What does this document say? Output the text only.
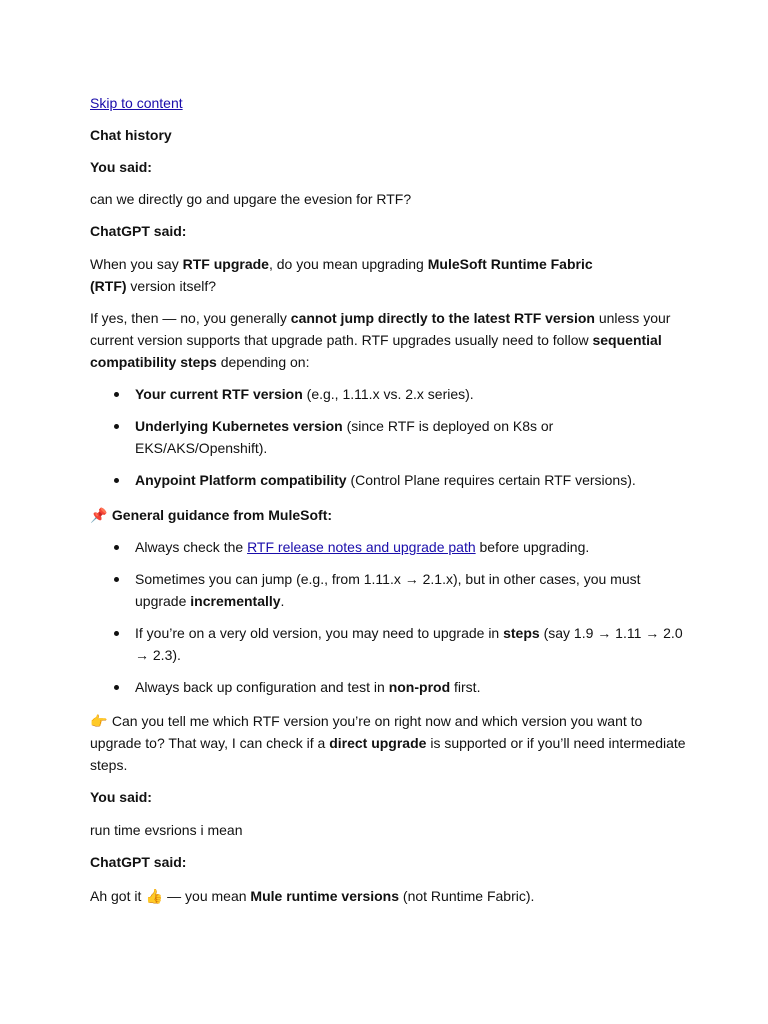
Skip to content

Chat history

You said:

can we directly go and upgare the evesion for RTF?

ChatGPT said:

When you say RTF upgrade, do you mean upgrading MuleSoft Runtime Fabric
(RTF) version itself?

If yes, then — no, you generally cannot jump directly to the latest RTF version unless your current version supports that upgrade path. RTF upgrades usually need to follow sequential compatibility steps depending on:

Your current RTF version (e.g., 1.11.x vs. 2.x series).
Underlying Kubernetes version (since RTF is deployed on K8s or EKS/AKS/Openshift).
Anypoint Platform compatibility (Control Plane requires certain RTF versions).

📌 General guidance from MuleSoft:

Always check the RTF release notes and upgrade path before upgrading.
Sometimes you can jump (e.g., from 1.11.x → 2.1.x), but in other cases, you must upgrade incrementally.
If you’re on a very old version, you may need to upgrade in steps (say 1.9 → 1.11 → 2.0 → 2.3).
Always back up configuration and test in non-prod first.

👉 Can you tell me which RTF version you’re on right now and which version you want to upgrade to? That way, I can check if a direct upgrade is supported or if you’ll need intermediate steps.

You said:

run time evsrions i mean

ChatGPT said:

Ah got it 👍 — you mean Mule runtime versions (not Runtime Fabric).
